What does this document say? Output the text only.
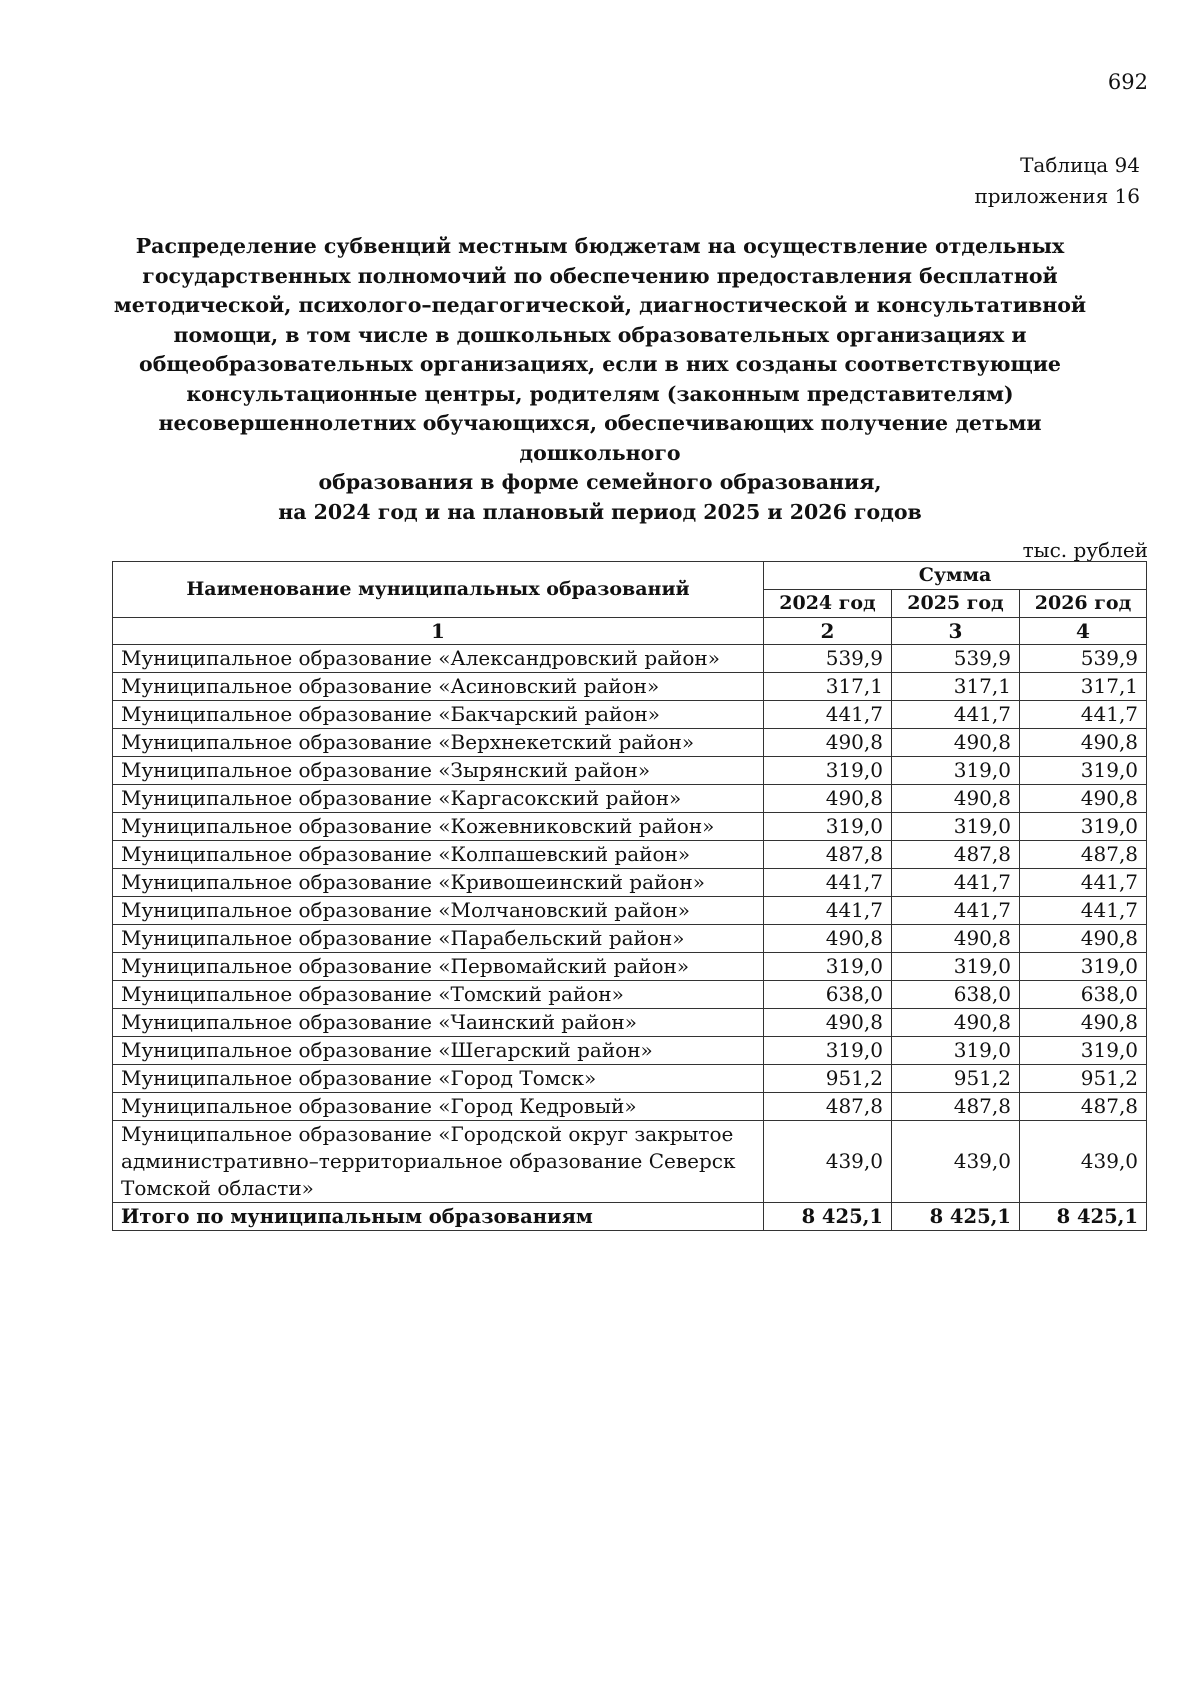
692
Таблица 94
приложения 16
Распределение субвенций местным бюджетам на осуществление отдельных
государственных полномочий по обеспечению предоставления бесплатной
методической, психолого–педагогической, диагностической и консультативной
помощи, в том числе в дошкольных образовательных организациях и
общеобразовательных организациях, если в них созданы соответствующие
консультационные центры, родителям (законным представителям)
несовершеннолетних обучающихся, обеспечивающих получение детьми дошкольного
образования в форме семейного образования,
на 2024 год и на плановый период 2025 и 2026 годов
тыс. рублей
Наименование муниципальных образований	Сумма		
	2024 год	2025 год	2026 год
1	2	3	4
Муниципальное образование «Александровский район»	539,9	539,9	539,9
Муниципальное образование «Асиновский район»	317,1	317,1	317,1
Муниципальное образование «Бакчарский район»	441,7	441,7	441,7
Муниципальное образование «Верхнекетский район»	490,8	490,8	490,8
Муниципальное образование «Зырянский район»	319,0	319,0	319,0
Муниципальное образование «Каргасокский район»	490,8	490,8	490,8
Муниципальное образование «Кожевниковский район»	319,0	319,0	319,0
Муниципальное образование «Колпашевский район»	487,8	487,8	487,8
Муниципальное образование «Кривошеинский район»	441,7	441,7	441,7
Муниципальное образование «Молчановский район»	441,7	441,7	441,7
Муниципальное образование «Парабельский район»	490,8	490,8	490,8
Муниципальное образование «Первомайский район»	319,0	319,0	319,0
Муниципальное образование «Томский район»	638,0	638,0	638,0
Муниципальное образование «Чаинский район»	490,8	490,8	490,8
Муниципальное образование «Шегарский район»	319,0	319,0	319,0
Муниципальное образование «Город Томск»	951,2	951,2	951,2
Муниципальное образование «Город Кедровый»	487,8	487,8	487,8
Муниципальное образование «Городской округ закрытое административно–территориальное образование Северск Томской области»	439,0	439,0	439,0
Итого по муниципальным образованиям	8 425,1	8 425,1	8 425,1
